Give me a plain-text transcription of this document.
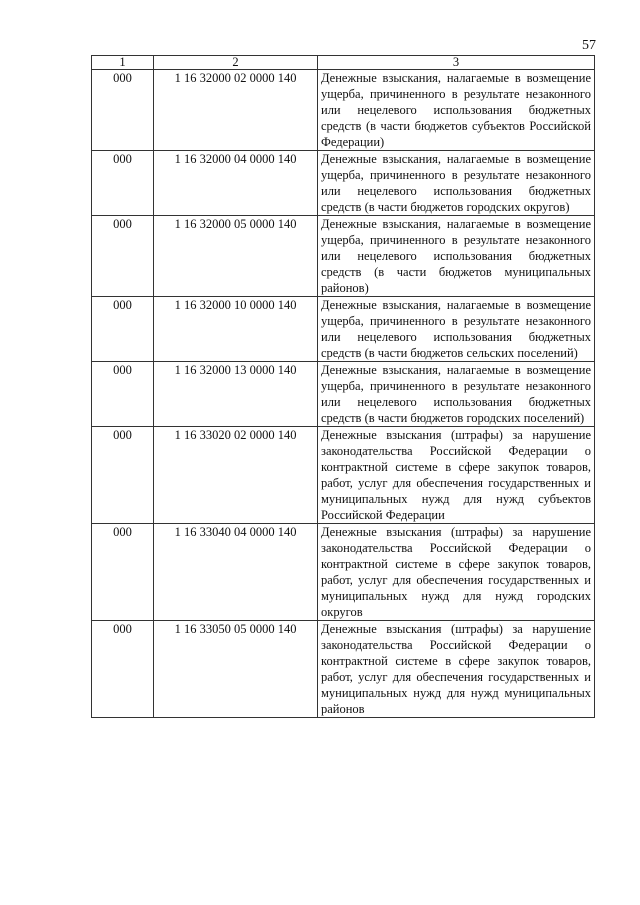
57
1	2	3
000	1 16 32000 02 0000 140	Денежные взыскания, налагаемые в возмещение ущерба, причиненного в результате незаконного или нецелевого использования бюджетных средств (в части бюджетов субъектов Российской Федерации)
000	1 16 32000 04 0000 140	Денежные взыскания, налагаемые в возмещение ущерба, причиненного в результате незаконного или нецелевого использования бюджетных средств (в части бюджетов городских округов)
000	1 16 32000 05 0000 140	Денежные взыскания, налагаемые в возмещение ущерба, причиненного в результате незаконного или нецелевого использования бюджетных средств (в части бюджетов муниципальных районов)
000	1 16 32000 10 0000 140	Денежные взыскания, налагаемые в возмещение ущерба, причиненного в результате незаконного или нецелевого использования бюджетных средств (в части бюджетов сельских поселений)
000	1 16 32000 13 0000 140	Денежные взыскания, налагаемые в возмещение ущерба, причиненного в результате незаконного или нецелевого использования бюджетных средств (в части бюджетов городских поселений)
000	1 16 33020 02 0000 140	Денежные взыскания (штрафы) за нарушение законодательства Российской Федерации о контрактной системе в сфере закупок товаров, работ, услуг для обеспечения государственных и муниципальных нужд для нужд субъектов Российской Федерации
000	1 16 33040 04 0000 140	Денежные взыскания (штрафы) за нарушение законодательства Российской Федерации о контрактной системе в сфере закупок товаров, работ, услуг для обеспечения государственных и муниципальных нужд для нужд городских округов
000	1 16 33050 05 0000 140	Денежные взыскания (штрафы) за нарушение законодательства Российской Федерации о контрактной системе в сфере закупок товаров, работ, услуг для обеспечения государственных и муниципальных нужд для нужд муниципальных районов
